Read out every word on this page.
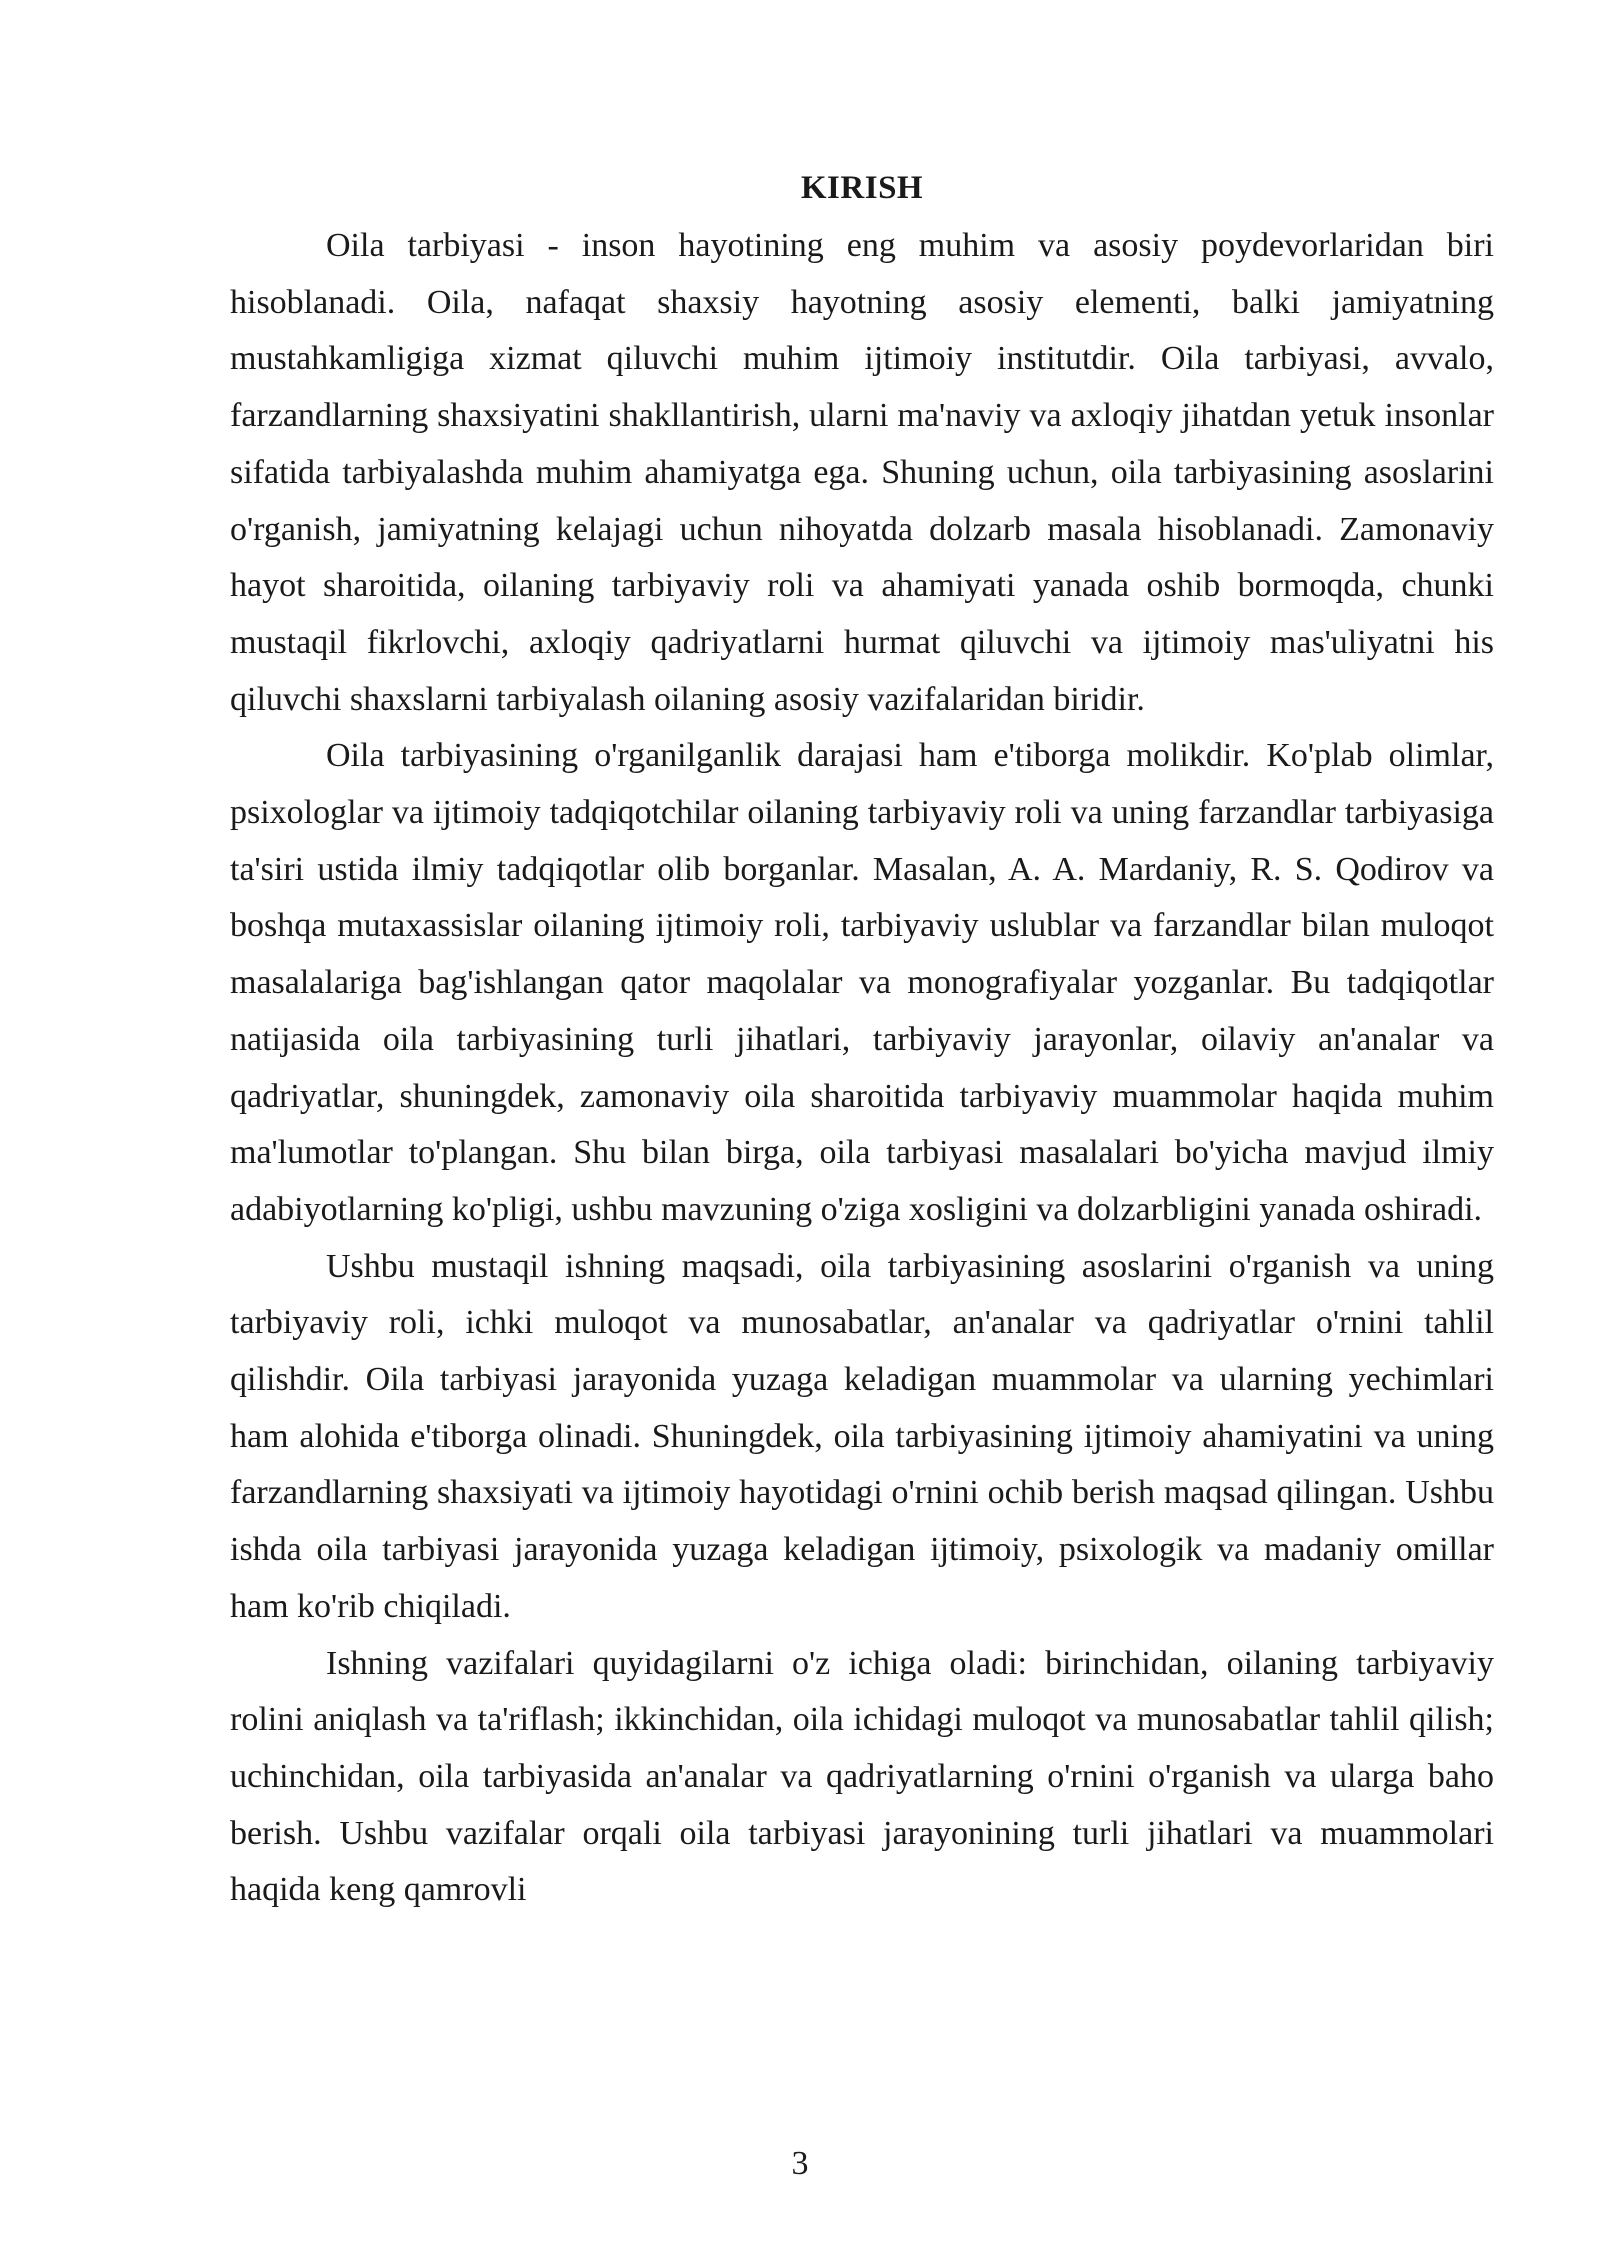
KIRISH

Oila tarbiyasi - inson hayotining eng muhim va asosiy poydevorlaridan biri hisoblanadi. Oila, nafaqat shaxsiy hayotning asosiy elementi, balki jamiyatning mustahkamligiga xizmat qiluvchi muhim ijtimoiy institutdir. Oila tarbiyasi, avvalo, farzandlarning shaxsiyatini shakllantirish, ularni ma'naviy va axloqiy jihatdan yetuk insonlar sifatida tarbiyalashda muhim ahamiyatga ega. Shuning uchun, oila tarbiyasining asoslarini o'rganish, jamiyatning kelajagi uchun nihoyatda dolzarb masala hisoblanadi. Zamonaviy hayot sharoitida, oilaning tarbiyaviy roli va ahamiyati yanada oshib bormoqda, chunki mustaqil fikrlovchi, axloqiy qadriyatlarni hurmat qiluvchi va ijtimoiy mas'uliyatni his qiluvchi shaxslarni tarbiyalash oilaning asosiy vazifalaridan biridir.

Oila tarbiyasining o'rganilganlik darajasi ham e'tiborga molikdir. Ko'plab olimlar, psixologlar va ijtimoiy tadqiqotchilar oilaning tarbiyaviy roli va uning farzandlar tarbiyasiga ta'siri ustida ilmiy tadqiqotlar olib borganlar. Masalan, A. A. Mardaniy, R. S. Qodirov va boshqa mutaxassislar oilaning ijtimoiy roli, tarbiyaviy uslublar va farzandlar bilan muloqot masalalariga bag'ishlangan qator maqolalar va monografiyalar yozganlar. Bu tadqiqotlar natijasida oila tarbiyasining turli jihatlari, tarbiyaviy jarayonlar, oilaviy an'analar va qadriyatlar, shuningdek, zamonaviy oila sharoitida tarbiyaviy muammolar haqida muhim ma'lumotlar to'plangan. Shu bilan birga, oila tarbiyasi masalalari bo'yicha mavjud ilmiy adabiyotlarning ko'pligi, ushbu mavzuning o'ziga xosligini va dolzarbligini yanada oshiradi.

Ushbu mustaqil ishning maqsadi, oila tarbiyasining asoslarini o'rganish va uning tarbiyaviy roli, ichki muloqot va munosabatlar, an'analar va qadriyatlar o'rnini tahlil qilishdir. Oila tarbiyasi jarayonida yuzaga keladigan muammolar va ularning yechimlari ham alohida e'tiborga olinadi. Shuningdek, oila tarbiyasining ijtimoiy ahamiyatini va uning farzandlarning shaxsiyati va ijtimoiy hayotidagi o'rnini ochib berish maqsad qilingan. Ushbu ishda oila tarbiyasi jarayonida yuzaga keladigan ijtimoiy, psixologik va madaniy omillar ham ko'rib chiqiladi.

Ishning vazifalari quyidagilarni o'z ichiga oladi: birinchidan, oilaning tarbiyaviy rolini aniqlash va ta'riflash; ikkinchidan, oila ichidagi muloqot va munosabatlar tahlil qilish; uchinchidan, oila tarbiyasida an'analar va qadriyatlarning o'rnini o'rganish va ularga baho berish. Ushbu vazifalar orqali oila tarbiyasi jarayonining turli jihatlari va muammolari haqida keng qamrovli

3
